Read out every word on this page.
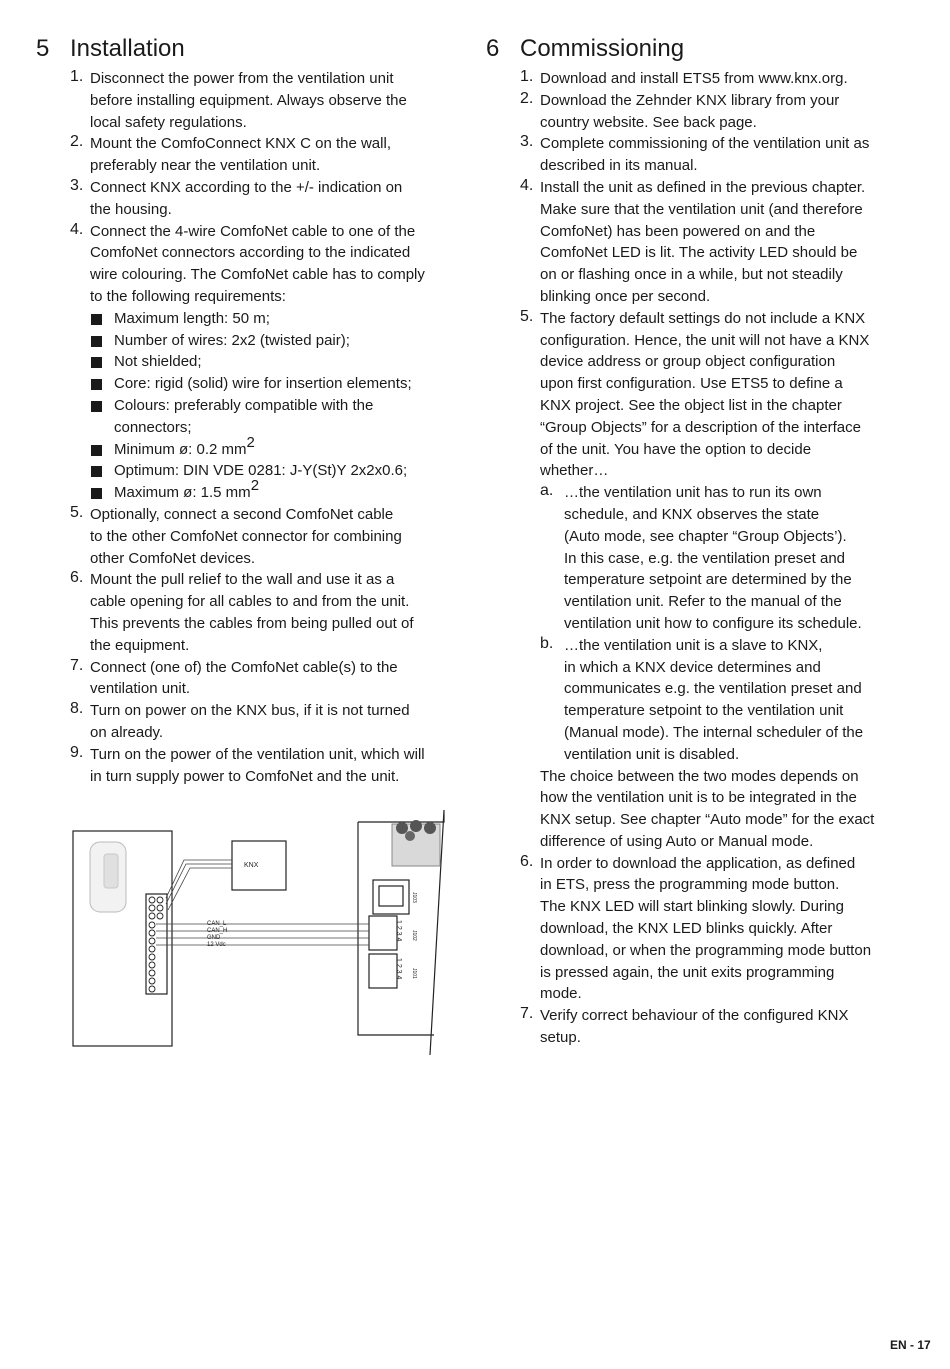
5 Installation
1. Disconnect the power from the ventilation unit
before installing equipment. Always observe the
local safety regulations.
2. Mount the ComfoConnect KNX C on the wall,
preferably near the ventilation unit.
3. Connect KNX according to the +/- indication on
the housing.
4. Connect the 4-wire ComfoNet cable to one of the
ComfoNet connectors according to the indicated
wire colouring. The ComfoNet cable has to comply
to the following requirements:
Maximum length: 50 m;
Number of wires: 2x2 (twisted pair);
Not shielded;
Core: rigid (solid) wire for insertion elements;
Colours: preferably compatible with the
connectors;
Minimum ø: 0.2 $mm^2$
Optimum: DIN VDE 0281: J-Y(St)Y 2x2x0.6;
Maximum ø: 1.5 $mm^2$
5. Optionally, connect a second ComfoNet cable
to the other ComfoNet connector for combining
other ComfoNet devices.
6. Mount the pull relief to the wall and use it as a
cable opening for all cables to and from the unit.
This prevents the cables from being pulled out of
the equipment.
7. Connect (one of) the ComfoNet cable(s) to the
ventilation unit.
8. Turn on power on the KNX bus, if it is not turned
on already.
9. Turn on the power of the ventilation unit, which will
in turn supply power to ComfoNet and the unit.
KNX
CAN_L
CAN_H
GND
12 Vdc
1 2 3 4
1 2 3 4
J103
J102
J101
6 Commissioning
1. Download and install ETS5 from www.knx.org.
2. Download the Zehnder KNX library from your
country website. See back page.
3. Complete commissioning of the ventilation unit as
described in its manual.
4. Install the unit as defined in the previous chapter.
Make sure that the ventilation unit (and therefore
ComfoNet) has been powered on and the
ComfoNet LED is lit. The activity LED should be
on or flashing once in a while, but not steadily
blinking once per second.
5. The factory default settings do not include a KNX
configuration. Hence, the unit will not have a KNX
device address or group object configuration
upon first configuration. Use ETS5 to define a
KNX project. See the object list in the chapter
“Group Objects” for a description of the interface
of the unit. You have the option to decide
whether…
a. …the ventilation unit has to run its own
schedule, and KNX observes the state
(Auto mode, see chapter “Group Objects’).
In this case, e.g. the ventilation preset and
temperature setpoint are determined by the
ventilation unit. Refer to the manual of the
ventilation unit how to configure its schedule.
b. …the ventilation unit is a slave to KNX,
in which a KNX device determines and
communicates e.g. the ventilation preset and
temperature setpoint to the ventilation unit
(Manual mode). The internal scheduler of the
ventilation unit is disabled.
The choice between the two modes depends on
how the ventilation unit is to be integrated in the
KNX setup. See chapter “Auto mode” for the exact
difference of using Auto or Manual mode.
6. In order to download the application, as defined
in ETS, press the programming mode button.
The KNX LED will start blinking slowly. During
download, the KNX LED blinks quickly. After
download, or when the programming mode button
is pressed again, the unit exits programming
mode.
7. Verify correct behaviour of the configured KNX
setup.
EN - 17
